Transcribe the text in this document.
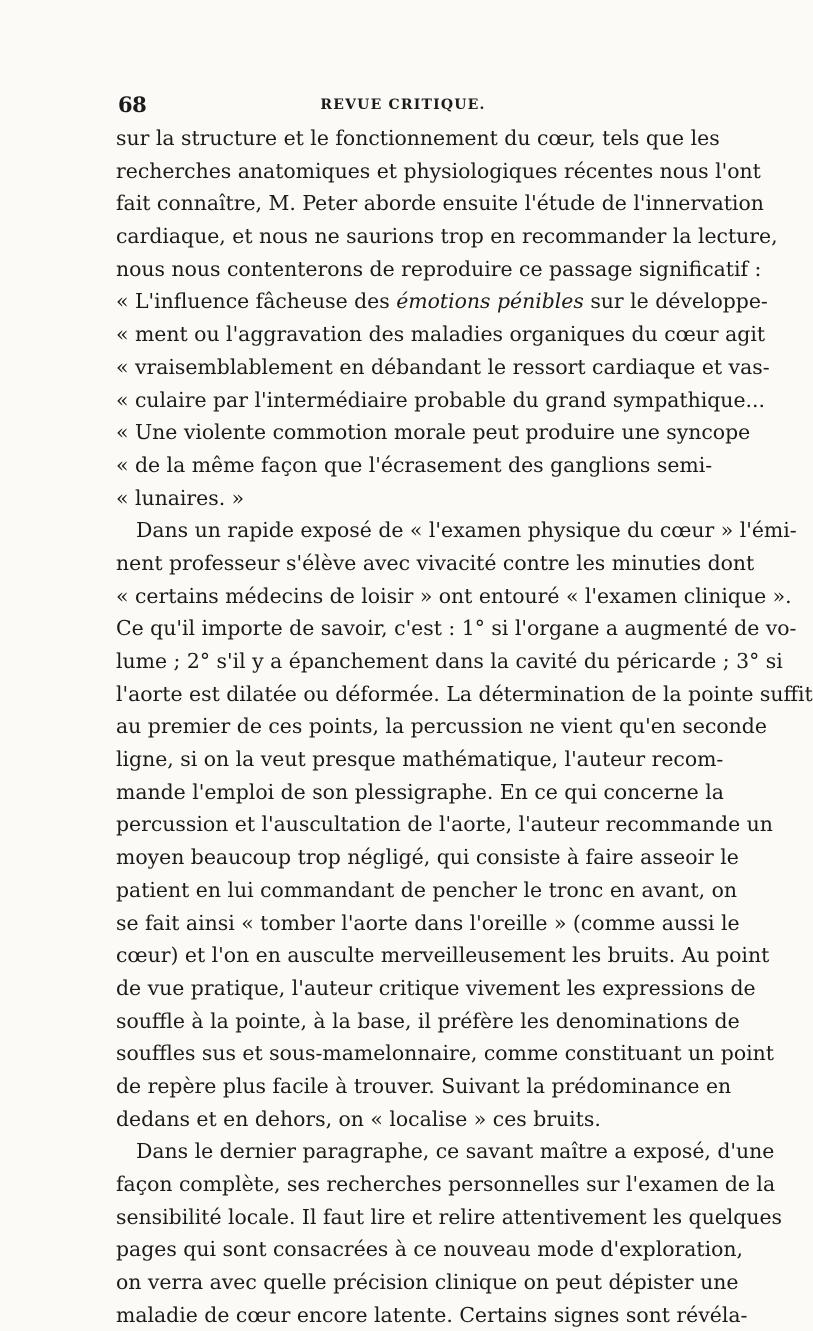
68	REVUE CRITIQUE.
sur la structure et le fonctionnement du cœur, tels que les
recherches anatomiques et physiologiques récentes nous l'ont
fait connaître, M. Peter aborde ensuite l'étude de l'innervation
cardiaque, et nous ne saurions trop en recommander la lecture,
nous nous contenterons de reproduire ce passage significatif :
« L'influence fâcheuse des émotions pénibles sur le développe-
« ment ou l'aggravation des maladies organiques du cœur agit
« vraisemblablement en débandant le ressort cardiaque et vas-
« culaire par l'intermédiaire probable du grand sympathique...
« Une violente commotion morale peut produire une syncope
« de la même façon que l'écrasement des ganglions semi-
« lunaires. »
Dans un rapide exposé de « l'examen physique du cœur » l'émi-
nent professeur s'élève avec vivacité contre les minuties dont
« certains médecins de loisir » ont entouré « l'examen clinique ».
Ce qu'il importe de savoir, c'est : 1° si l'organe a augmenté de vo-
lume ; 2° s'il y a épanchement dans la cavité du péricarde ; 3° si
l'aorte est dilatée ou déformée. La détermination de la pointe suffit
au premier de ces points, la percussion ne vient qu'en seconde
ligne, si on la veut presque mathématique, l'auteur recom-
mande l'emploi de son plessigraphe. En ce qui concerne la
percussion et l'auscultation de l'aorte, l'auteur recommande un
moyen beaucoup trop négligé, qui consiste à faire asseoir le
patient en lui commandant de pencher le tronc en avant, on
se fait ainsi « tomber l'aorte dans l'oreille » (comme aussi le
cœur) et l'on en ausculte merveilleusement les bruits. Au point
de vue pratique, l'auteur critique vivement les expressions de
souffle à la pointe, à la base, il préfère les denominations de
souffles sus et sous-mamelonnaire, comme constituant un point
de repère plus facile à trouver. Suivant la prédominance en
dedans et en dehors, on « localise » ces bruits.
Dans le dernier paragraphe, ce savant maître a exposé, d'une
façon complète, ses recherches personnelles sur l'examen de la
sensibilité locale. Il faut lire et relire attentivement les quelques
pages qui sont consacrées à ce nouveau mode d'exploration,
on verra avec quelle précision clinique on peut dépister une
maladie de cœur encore latente. Certains signes sont révéla-
